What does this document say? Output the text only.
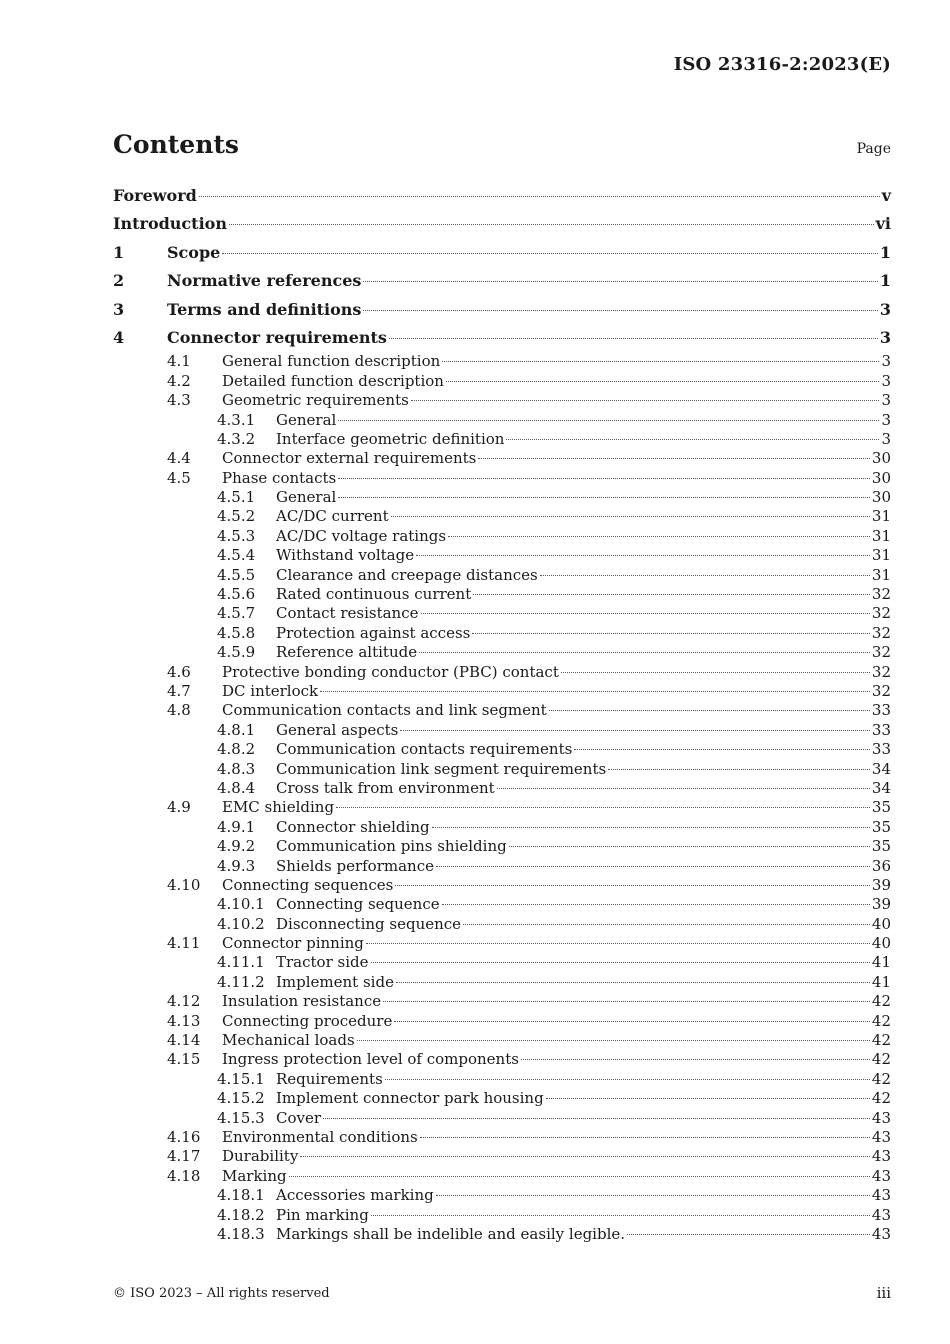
ISO 23316-2:2023(E)
Contents	Page
Foreword	v
Introduction	vi
1	Scope	1
2	Normative references	1
3	Terms and definitions	3
4	Connector requirements	3
4.1	General function description	3
4.2	Detailed function description	3
4.3	Geometric requirements	3
4.3.1	General	3
4.3.2	Interface geometric definition	3
4.4	Connector external requirements	30
4.5	Phase contacts	30
4.5.1	General	30
4.5.2	AC/DC current	31
4.5.3	AC/DC voltage ratings	31
4.5.4	Withstand voltage	31
4.5.5	Clearance and creepage distances	31
4.5.6	Rated continuous current	32
4.5.7	Contact resistance	32
4.5.8	Protection against access	32
4.5.9	Reference altitude	32
4.6	Protective bonding conductor (PBC) contact	32
4.7	DC interlock	32
4.8	Communication contacts and link segment	33
4.8.1	General aspects	33
4.8.2	Communication contacts requirements	33
4.8.3	Communication link segment requirements	34
4.8.4	Cross talk from environment	34
4.9	EMC shielding	35
4.9.1	Connector shielding	35
4.9.2	Communication pins shielding	35
4.9.3	Shields performance	36
4.10	Connecting sequences	39
4.10.1 Connecting sequence	39
4.10.2 Disconnecting sequence	40
4.11	Connector pinning	40
4.11.1 Tractor side	41
4.11.2 Implement side	41
4.12	Insulation resistance	42
4.13	Connecting procedure	42
4.14	Mechanical loads	42
4.15	Ingress protection level of components	42
4.15.1 Requirements	42
4.15.2 Implement connector park housing	42
4.15.3 Cover	43
4.16	Environmental conditions	43
4.17	Durability	43
4.18	Marking	43
4.18.1 Accessories marking	43
4.18.2 Pin marking	43
4.18.3 Markings shall be indelible and easily legible.	43
© ISO 2023 – All rights reserved	iii
